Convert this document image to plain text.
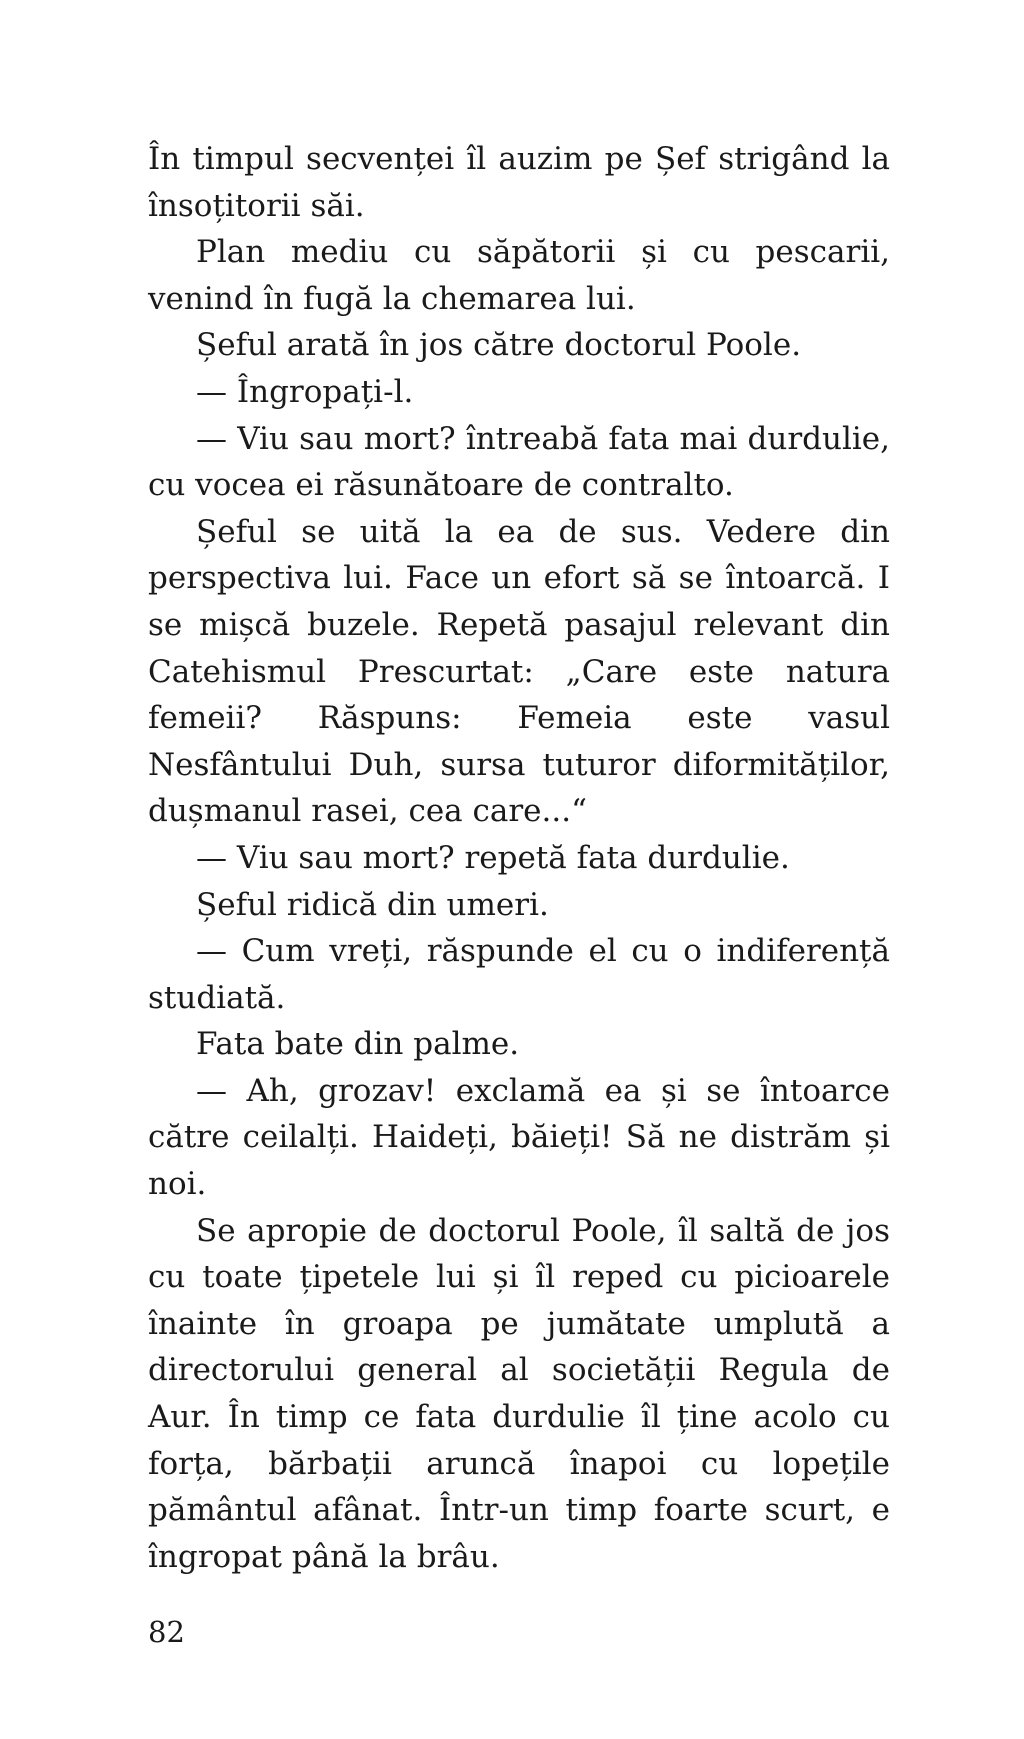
În timpul secvenței îl auzim pe Șef strigând la însoțitorii săi.

Plan mediu cu săpătorii și cu pescarii, venind în fugă la chemarea lui.

Șeful arată în jos către doctorul Poole.

— Îngropați-l.

— Viu sau mort? întreabă fata mai durdulie, cu vocea ei răsunătoare de contralto.

Șeful se uită la ea de sus. Vedere din perspectiva lui. Face un efort să se întoarcă. I se mișcă buzele. Repetă pasajul relevant din Catehismul Prescurtat: „Care este natura femeii? Răspuns: Femeia este vasul Nesfântului Duh, sursa tuturor diformităților, dușmanul rasei, cea care...“

— Viu sau mort? repetă fata durdulie.

Șeful ridică din umeri.

— Cum vreți, răspunde el cu o indiferență studiată.

Fata bate din palme.

— Ah, grozav! exclamă ea și se întoarce către ceilalți. Haideți, băieți! Să ne distrăm și noi.

Se apropie de doctorul Poole, îl saltă de jos cu toate țipetele lui și îl reped cu picioarele înainte în groapa pe jumătate umplută a directorului general al societății Regula de Aur. În timp ce fata durdulie îl ține acolo cu forța, bărbații aruncă înapoi cu lopețile pământul afânat. Într-un timp foarte scurt, e îngropat până la brâu.

82
